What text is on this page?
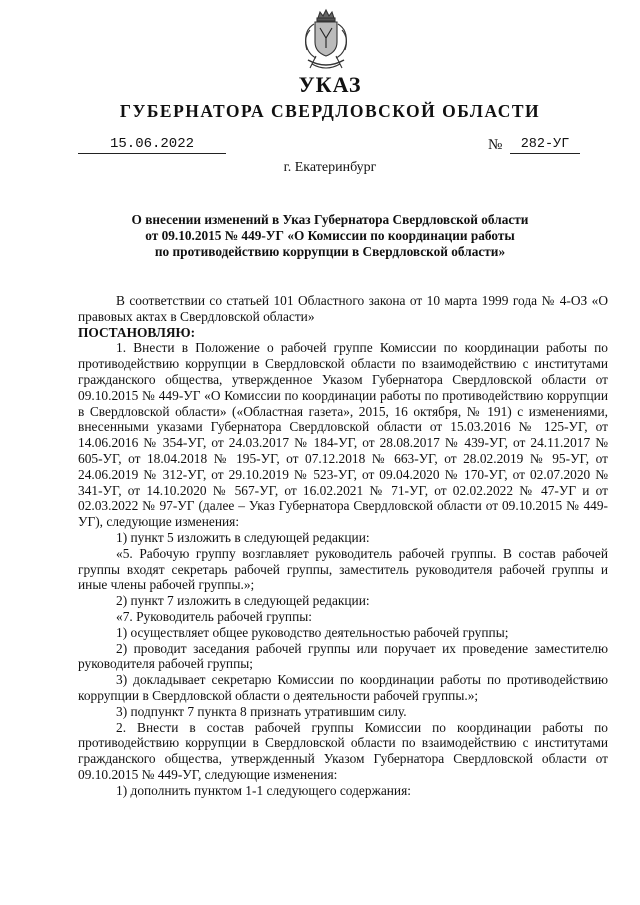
УКАЗ
ГУБЕРНАТОРА СВЕРДЛОВСКОЙ ОБЛАСТИ
15.06.2022	№	282-УГ
г. Екатеринбург
О внесении изменений в Указ Губернатора Свердловской области
от 09.10.2015 № 449-УГ «О Комиссии по координации работы
по противодействию коррупции в Свердловской области»

В соответствии со статьей 101 Областного закона от 10 марта 1999 года № 4-ОЗ «О правовых актах в Свердловской области»

ПОСТАНОВЛЯЮ:

1. Внести в Положение о рабочей группе Комиссии по координации работы по противодействию коррупции в Свердловской области по взаимодействию с институтами гражданского общества, утвержденное Указом Губернатора Свердловской области от 09.10.2015 № 449-УГ «О Комиссии по координации работы по противодействию коррупции в Свердловской области» («Областная газета», 2015, 16 октября, № 191) с изменениями, внесенными указами Губернатора Свердловской области от 15.03.2016 № 125-УГ, от 14.06.2016 № 354-УГ, от 24.03.2017 № 184-УГ, от 28.08.2017 № 439-УГ, от 24.11.2017 № 605-УГ, от 18.04.2018 № 195-УГ, от 07.12.2018 № 663-УГ, от 28.02.2019 № 95-УГ, от 24.06.2019 № 312-УГ, от 29.10.2019 № 523-УГ, от 09.04.2020 № 170-УГ, от 02.07.2020 № 341-УГ, от 14.10.2020 № 567-УГ, от 16.02.2021 № 71-УГ, от 02.02.2022 № 47-УГ и от 02.03.2022 № 97-УГ (далее – Указ Губернатора Свердловской области от 09.10.2015 № 449-УГ), следующие изменения:

1) пункт 5 изложить в следующей редакции:

«5. Рабочую группу возглавляет руководитель рабочей группы. В состав рабочей группы входят секретарь рабочей группы, заместитель руководителя рабочей группы и иные члены рабочей группы.»;

2) пункт 7 изложить в следующей редакции:

«7. Руководитель рабочей группы:

1) осуществляет общее руководство деятельностью рабочей группы;

2) проводит заседания рабочей группы или поручает их проведение заместителю руководителя рабочей группы;

3) докладывает секретарю Комиссии по координации работы по противодействию коррупции в Свердловской области о деятельности рабочей группы.»;

3) подпункт 7 пункта 8 признать утратившим силу.

2. Внести в состав рабочей группы Комиссии по координации работы по противодействию коррупции в Свердловской области по взаимодействию с институтами гражданского общества, утвержденный Указом Губернатора Свердловской области от 09.10.2015 № 449-УГ, следующие изменения:

1) дополнить пунктом 1-1 следующего содержания:
